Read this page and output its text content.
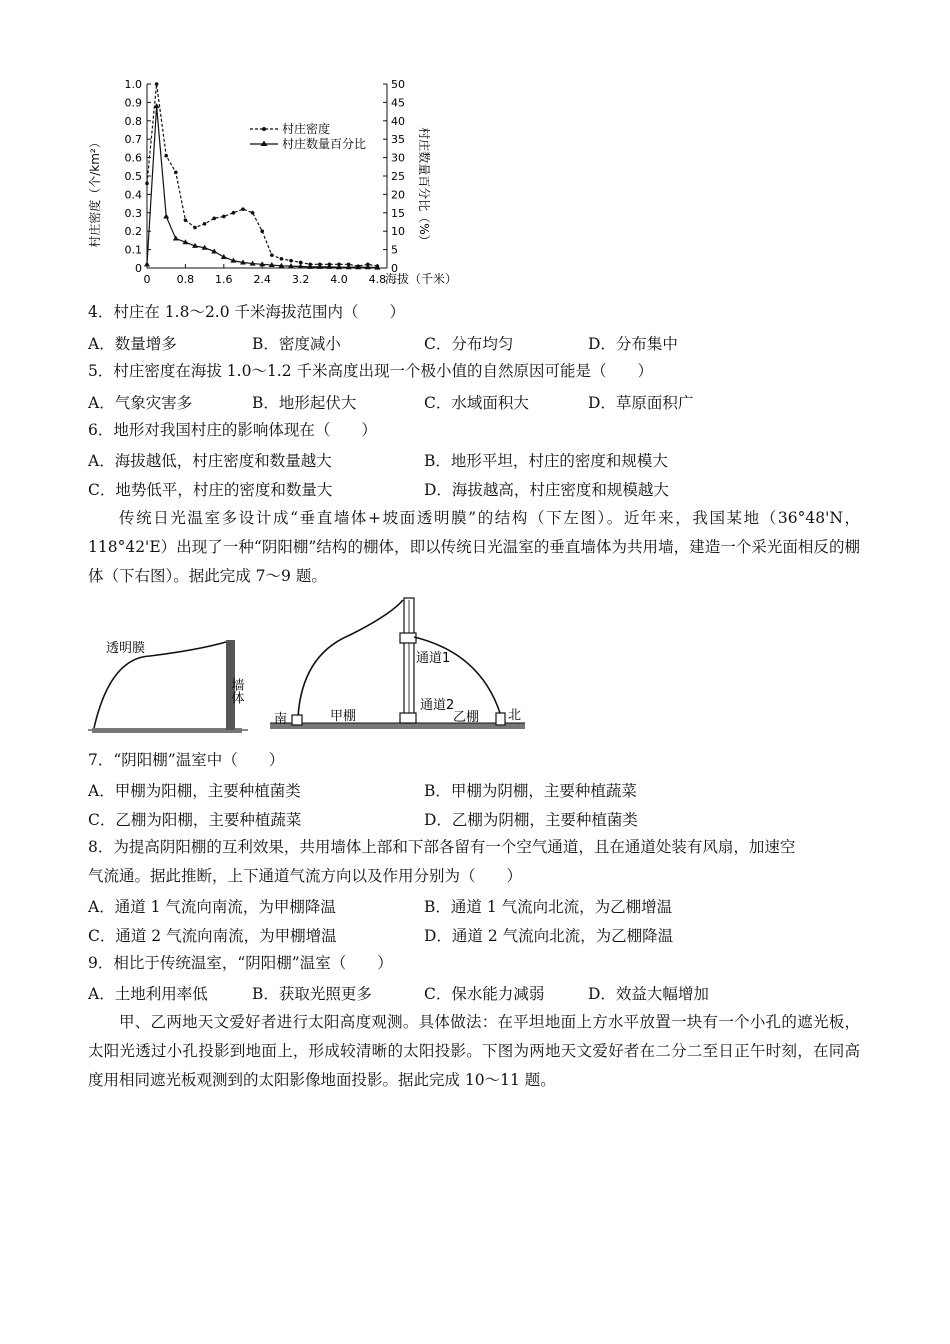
0
0.1
0.2
0.3
0.4
0.5
0.6
0.7
0.8
0.9
1.0
0
5
10
15
20
25
30
35
40
45
50
0 0.8 1.6 2.4 3.2 4.0 4.8
村庄密度（个/km²）	村庄数量百分比（%）
海拔（千米）
村庄密度
村庄数量百分比
4．村庄在 1.8～2.0 千米海拔范围内（　　）
A．数量增多	B．密度减小	C．分布均匀	D．分布集中
5．村庄密度在海拔 1.0～1.2 千米高度出现一个极小值的自然原因可能是（　　）
A．气象灾害多	B．地形起伏大	C．水域面积大	D．草原面积广
6．地形对我国村庄的影响体现在（　　）
A．海拔越低，村庄密度和数量越大	B．地形平坦，村庄的密度和规模大
C．地势低平，村庄的密度和数量大	D．海拔越高，村庄密度和规模越大

传统日光温室多设计成“垂直墙体+坡面透明膜”的结构（下左图）。近年来，我国某地（36°48'N，118°42'E）出现了一种“阴阳棚”结构的棚体，即以传统日光温室的垂直墙体为共用墙，建造一个采光面相反的棚体（下右图）。据此完成 7～9 题。

透明膜
墙体
南	甲棚
通道1
通道2
乙棚 北
7．“阴阳棚”温室中（　　）
A．甲棚为阳棚，主要种植菌类	B．甲棚为阴棚，主要种植蔬菜
C．乙棚为阳棚，主要种植蔬菜	D．乙棚为阴棚，主要种植菌类
8．为提高阴阳棚的互利效果，共用墙体上部和下部各留有一个空气通道，且在通道处装有风扇，加速空
气流通。据此推断，上下通道气流方向以及作用分别为（　　）
A．通道 1 气流向南流，为甲棚降温	B．通道 1 气流向北流，为乙棚增温
C．通道 2 气流向南流，为甲棚增温	D．通道 2 气流向北流，为乙棚降温
9．相比于传统温室，“阴阳棚”温室（　　）
A．土地利用率低	B．获取光照更多	C．保水能力减弱	D．效益大幅增加

甲、乙两地天文爱好者进行太阳高度观测。具体做法：在平坦地面上方水平放置一块有一个小孔的遮光板，太阳光透过小孔投影到地面上，形成较清晰的太阳投影。下图为两地天文爱好者在二分二至日正午时刻，在同高度用相同遮光板观测到的太阳影像地面投影。据此完成 10～11 题。
